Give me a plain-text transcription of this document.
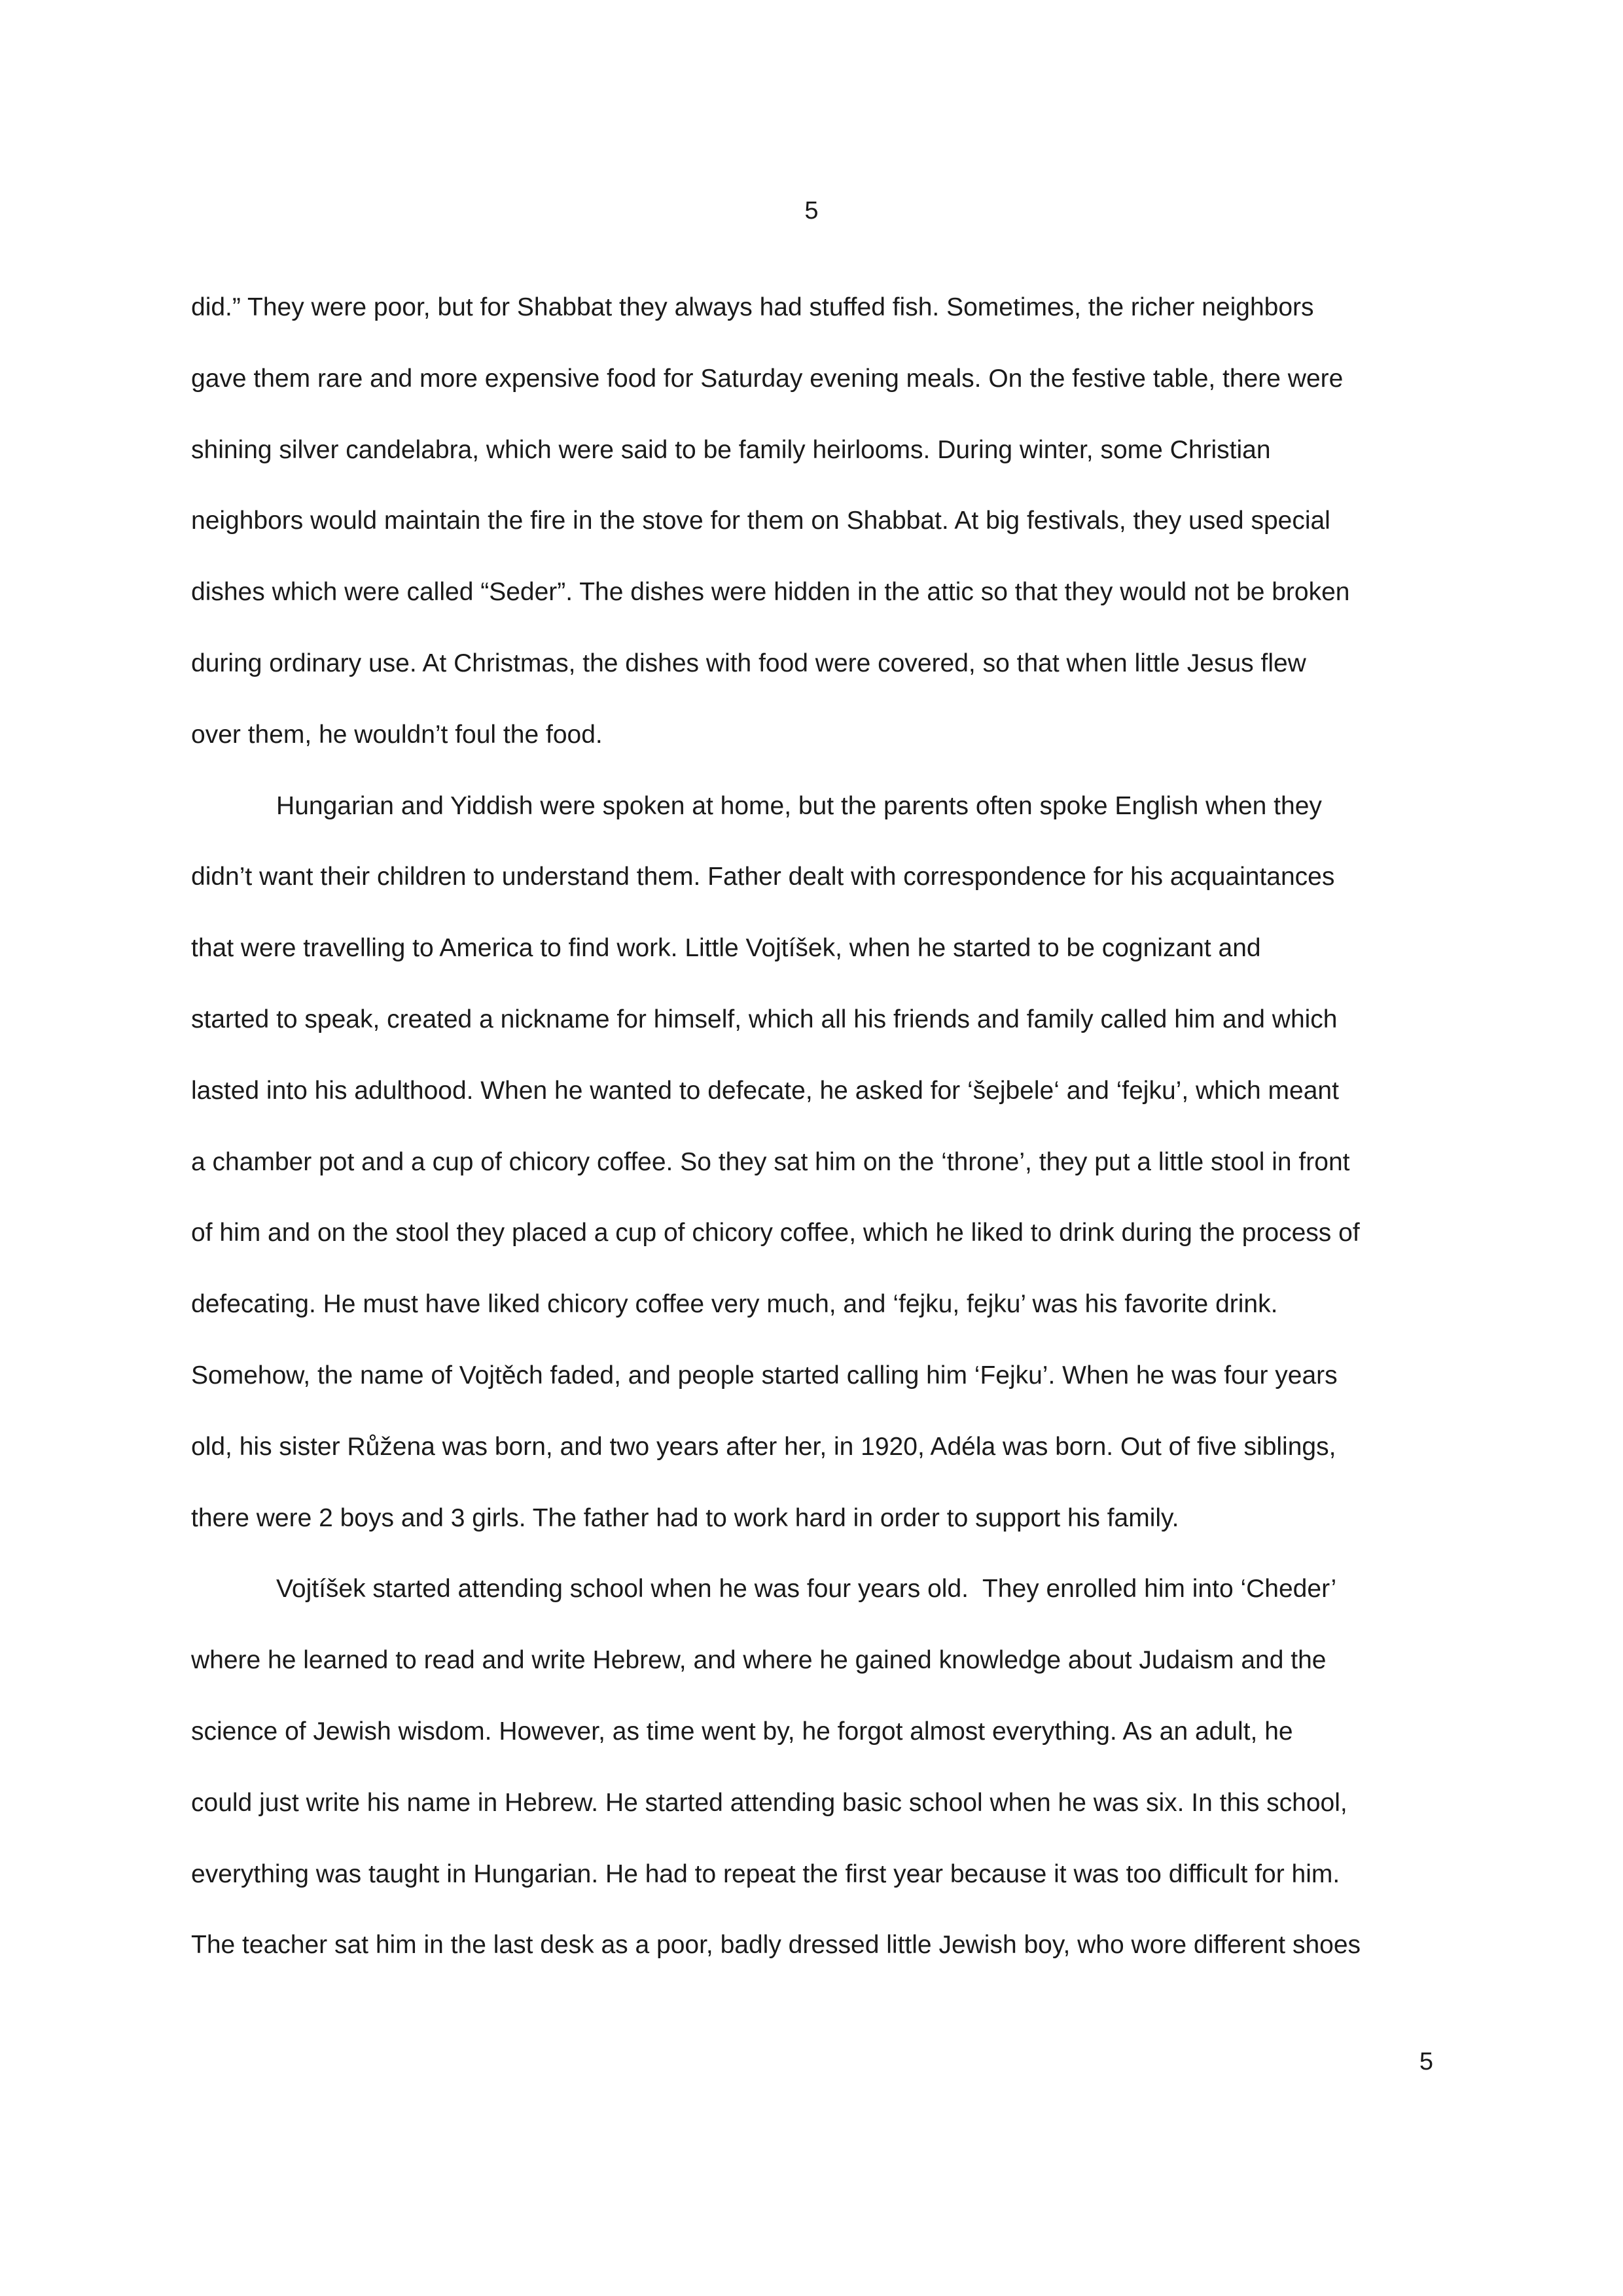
5
did.” They were poor, but for Shabbat they always had stuffed fish. Sometimes, the richer neighbors
gave them rare and more expensive food for Saturday evening meals. On the festive table, there were
shining silver candelabra, which were said to be family heirlooms. During winter, some Christian
neighbors would maintain the fire in the stove for them on Shabbat. At big festivals, they used special
dishes which were called “Seder”. The dishes were hidden in the attic so that they would not be broken
during ordinary use. At Christmas, the dishes with food were covered, so that when little Jesus flew
over them, he wouldn’t foul the food.
Hungarian and Yiddish were spoken at home, but the parents often spoke English when they
didn’t want their children to understand them. Father dealt with correspondence for his acquaintances
that were travelling to America to find work. Little Vojtíšek, when he started to be cognizant and
started to speak, created a nickname for himself, which all his friends and family called him and which
lasted into his adulthood. When he wanted to defecate, he asked for ‘šejbele‘ and ‘fejku’, which meant
a chamber pot and a cup of chicory coffee. So they sat him on the ‘throne’, they put a little stool in front
of him and on the stool they placed a cup of chicory coffee, which he liked to drink during the process of
defecating. He must have liked chicory coffee very much, and ‘fejku, fejku’ was his favorite drink.
Somehow, the name of Vojtěch faded, and people started calling him ‘Fejku’. When he was four years
old, his sister Růžena was born, and two years after her, in 1920, Adéla was born. Out of five siblings,
there were 2 boys and 3 girls. The father had to work hard in order to support his family.
Vojtíšek started attending school when he was four years old.  They enrolled him into ‘Cheder’
where he learned to read and write Hebrew, and where he gained knowledge about Judaism and the
science of Jewish wisdom. However, as time went by, he forgot almost everything. As an adult, he
could just write his name in Hebrew. He started attending basic school when he was six. In this school,
everything was taught in Hungarian. He had to repeat the first year because it was too difficult for him.
The teacher sat him in the last desk as a poor, badly dressed little Jewish boy, who wore different shoes
5
